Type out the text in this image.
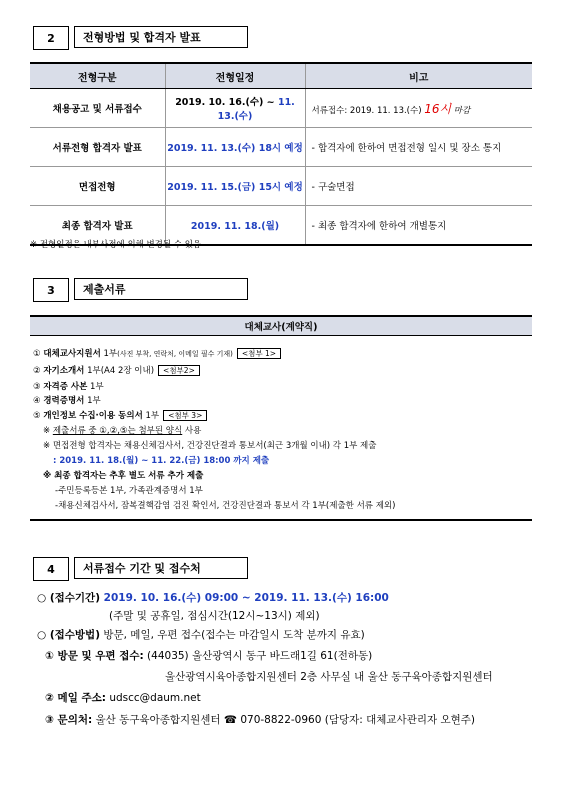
2	전형방법 및 합격자 발표
전형구분	전형일정	비고
채용공고 및 서류접수	2019. 10. 16.(수) ~ 11. 13.(수)	서류접수: 2019. 11. 13.(수) 16시 마감
서류전형 합격자 발표	2019. 11. 13.(수) 18시 예정	- 합격자에 한하여 면접전형 일시 및 장소 통지
면접전형	2019. 11. 15.(금) 15시 예정	- 구술면접
최종 합격자 발표	2019. 11. 18.(월)	- 최종 합격자에 한하여 개별통지
※ 전형일정은 내부사정에 의해 변경될 수 있음
3	제출서류
대체교사(계약직)
① 대체교사지원서 1부(사진 부착, 연락처, 이메일 필수 기재) <첨부 1>
② 자기소개서 1부(A4 2장 이내) <첨부2>
③ 자격증 사본 1부
④ 경력증명서 1부
⑤ 개인정보 수집·이용 동의서 1부 <첨부 3>
※ 제출서류 중 ①,②,⑤는 첨부된 양식 사용
※ 면접전형 합격자는 채용신체검사서, 건강진단결과 통보서(최근 3개월 이내) 각 1부 제출
: 2019. 11. 18.(월) ~ 11. 22.(금) 18:00 까지 제출
※ 최종 합격자는 추후 별도 서류 추가 제출
-주민등록등본 1부, 가족관계증명서 1부
-채용신체검사서, 잠복결핵감염 검진 확인서, 건강진단결과 통보서 각 1부(제출한 서류 제외)
4	서류접수 기간 및 접수처
○ (접수기간) 2019. 10. 16.(수) 09:00 ~ 2019. 11. 13.(수) 16:00
(주말 및 공휴일, 점심시간(12시~13시) 제외)
○ (접수방법) 방문, 메일, 우편 접수(접수는 마감일시 도착 분까지 유효)
① 방문 및 우편 접수: (44035) 울산광역시 동구 바드래1길 61(전하동)
울산광역시육아종합지원센터 2층 사무실 내 울산 동구육아종합지원센터
② 메일 주소: udscc@daum.net
③ 문의처: 울산 동구육아종합지원센터 ☎ 070-8822-0960 (담당자: 대체교사관리자 오현주)
